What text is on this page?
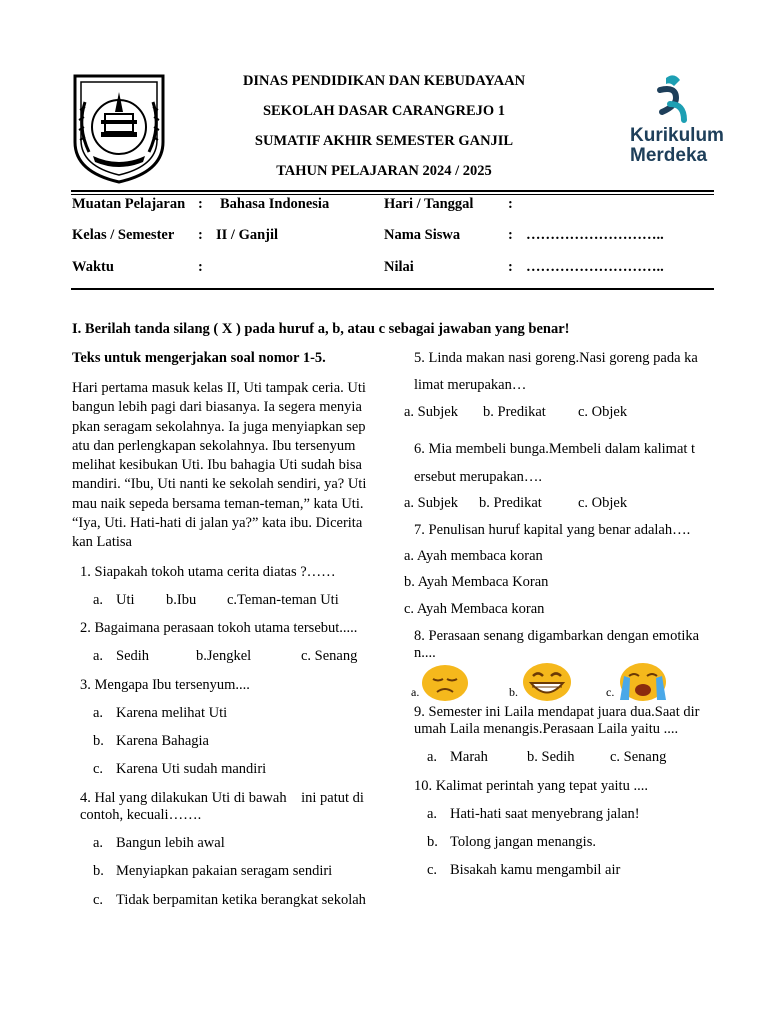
DINAS PENDIDIKAN DAN KEBUDAYAAN
SEKOLAH DASAR CARANGREJO 1
SUMATIF AKHIR SEMESTER GANJIL
TAHUN PELAJARAN 2024 / 2025
Kurikulum
Merdeka
Muatan Pelajaran : Bahasa Indonesia	Hari / Tanggal :
Kelas / Semester : II / Ganjil	Nama Siswa	: ………………………..
Waktu	:	Nilai	: ………………………..
I. Berilah tanda silang ( X ) pada huruf a, b, atau c sebagai jawaban yang benar!
Teks untuk mengerjakan soal nomor 1-5.
Hari pertama masuk kelas II, Uti tampak ceria. Uti
bangun lebih pagi dari biasanya. Ia segera menyia
pkan seragam sekolahnya. Ia juga menyiapkan sep
atu dan perlengkapan sekolahnya. Ibu tersenyum
melihat kesibukan Uti. Ibu bahagia Uti sudah bisa
mandiri. “Ibu, Uti nanti ke sekolah sendiri, ya? Uti
mau naik sepeda bersama teman-teman,” kata Uti.
“Iya, Uti. Hati-hati di jalan ya?” kata ibu. Dicerita
kan Latisa
1. Siapakah tokoh utama cerita diatas ?……
a. Uti b.Ibu c.Teman-teman Uti
2. Bagaimana perasaan tokoh utama tersebut.....
a. Sedih	b.Jengkel	c. Senang
3. Mengapa Ibu tersenyum....
a. Karena melihat Uti
b. Karena Bahagia
c. Karena Uti sudah mandiri
4. Hal yang dilakukan Uti di bawah    ini patut di
contoh, kecuali…….
a. Bangun lebih awal
b. Menyiapkan pakaian seragam sendiri
c. Tidak berpamitan ketika berangkat sekolah
5. Linda makan nasi goreng.Nasi goreng pada ka
limat merupakan…
a. Subjek b. Predikat c. Objek
6. Mia membeli bunga.Membeli dalam kalimat t
ersebut merupakan….
a. Subjek b. Predikat c. Objek
7. Penulisan huruf kapital yang benar adalah….
a. Ayah membaca koran
b. Ayah Membaca Koran
c. Ayah Membaca koran
8. Perasaan senang digambarkan dengan emotika
n....
a.	b.	c.
9. Semester ini Laila mendapat juara dua.Saat dir
umah Laila menangis.Perasaan Laila yaitu ....
a. Marah	b. Sedih c. Senang
10. Kalimat perintah yang tepat yaitu ....
a. Hati-hati saat menyebrang jalan!
b. Tolong jangan menangis.
c. Bisakah kamu mengambil air
